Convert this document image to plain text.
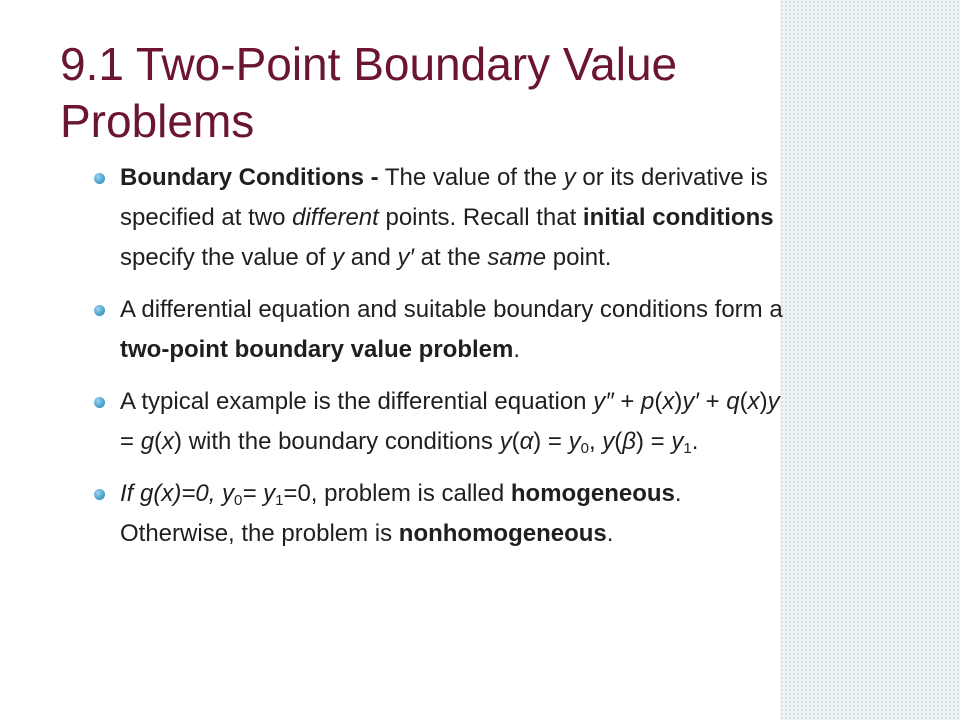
9.1 Two-Point Boundary Value Problems
Boundary Conditions - The value of the y or its derivative is specified at two different points. Recall that initial conditions specify the value of y and y′ at the same point.
A differential equation and suitable boundary conditions form a two-point boundary value problem.
A typical example is the differential equation y″ + p(x)y′ + q(x)y = g(x) with the boundary conditions $y(\alpha) = y_0$, $y(\beta) = y_1$.
If g(x)=0, $y_0= y_1=0$, problem is called homogeneous. Otherwise, the problem is nonhomogeneous.
